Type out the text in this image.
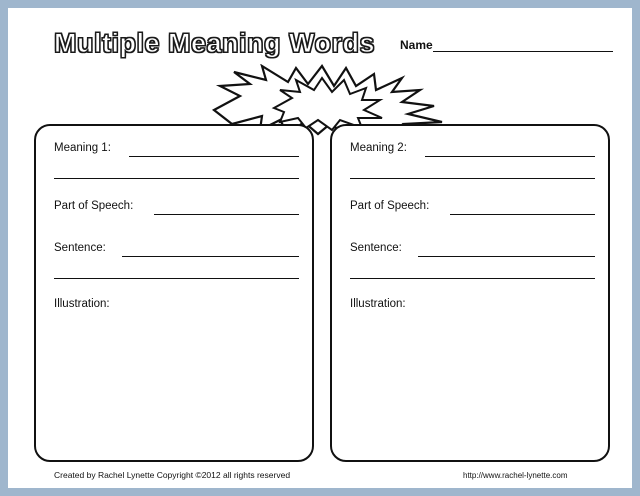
Multiple Meaning Words Name
Meaning 1:
Part of Speech:
Sentence:
Illustration:
Meaning 2:
Part of Speech:
Sentence:
Illustration:
Created by Rachel Lynette Copyright ©2012 all rights reserved	http://www.rachel-lynette.com
